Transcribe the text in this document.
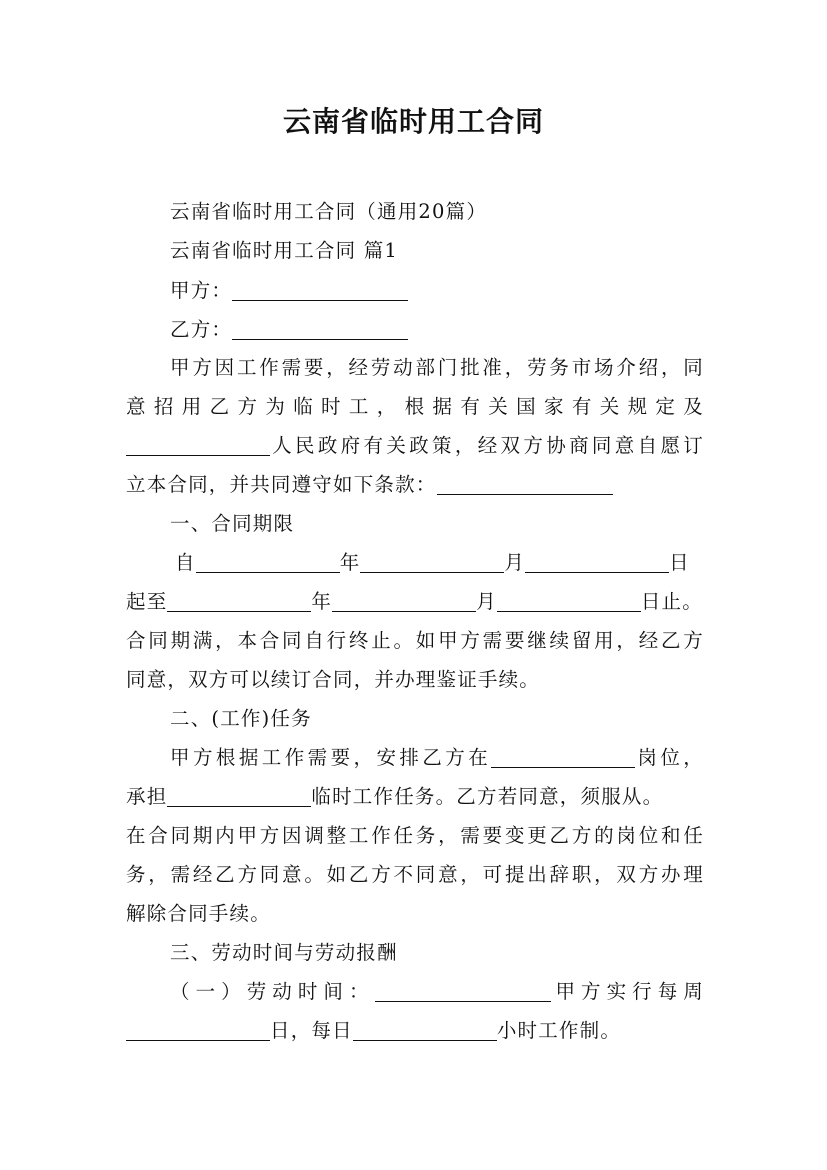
云南省临时用工合同
云南省临时用工合同（通用20篇）
云南省临时用工合同 篇1
甲方：
乙方：
甲方因工作需要，经劳动部门批准，劳务市场介绍，同
意招用乙方为临时工，根据有关国家有关规定及
人民政府有关政策，经双方协商同意自愿订
立本合同，并共同遵守如下条款：
一、合同期限
自	年	月	日
起至	年	月	日止。
合同期满，本合同自行终止。如甲方需要继续留用，经乙方
同意，双方可以续订合同，并办理鉴证手续。
二、(工作)任务
甲方根据工作需要，安排乙方在	岗位，
承担	临时工作任务。乙方若同意，须服从。
在合同期内甲方因调整工作任务，需要变更乙方的岗位和任
务，需经乙方同意。如乙方不同意，可提出辞职，双方办理
解除合同手续。
三、劳动时间与劳动报酬
（一）劳动时间：	甲方实行每周
日，每日	小时工作制。
